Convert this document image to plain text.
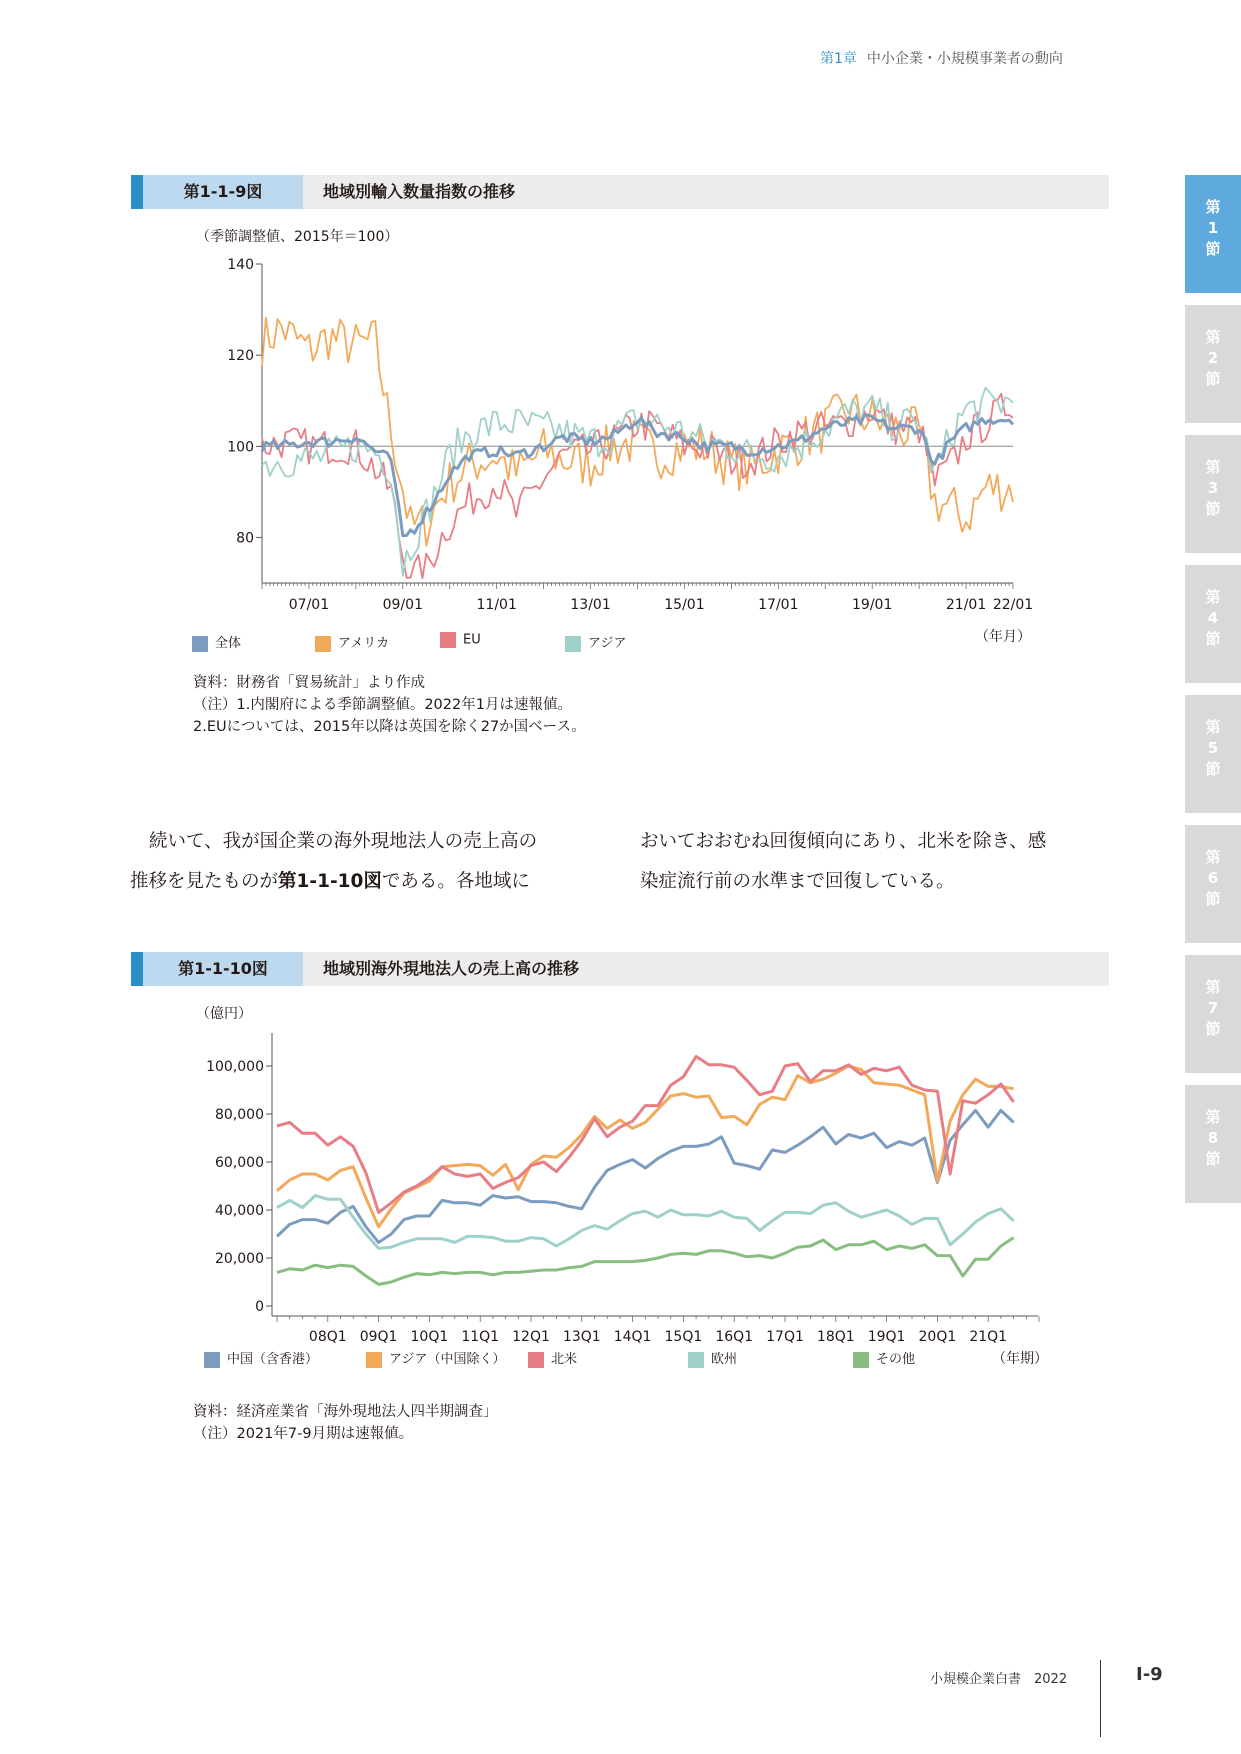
第1章 中小企業・小規模事業者の動向
第
1
節
第
2
節
第
3
節
第
4
節
第
5
節
第
6
節
第
7
節
第
8
節
第1-1-9図	地域別輸入数量指数の推移
（季節調整値、2015年＝100）
80
100
120
140
07/01	09/01	11/01	13/01	15/01	17/01	19/01	21/01 22/01
（年月）
全体	アメリカ	EU	アジア
資料：財務省「貿易統計」より作成
（注）1.内閣府による季節調整値。2022年1月は速報値。
2.EUについては、2015年以降は英国を除く27か国ベース。
続いて、我が国企業の海外現地法人の売上高の
推移を見たものが第1-1-10図である。各地域に
おいておおむね回復傾向にあり、北米を除き、感
染症流行前の水準まで回復している。
第1-1-10図	地域別海外現地法人の売上高の推移
（億円）
0
20,000
40,000
60,000
80,000
100,000
08Q1 09Q1 10Q1 11Q1 12Q1 13Q1 14Q1 15Q1 16Q1 17Q1 18Q1 19Q1 20Q1 21Q1
（年期）
中国（含香港）	アジア（中国除く）	北米	欧州	その他
資料：経済産業省「海外現地法人四半期調査」
（注）2021年7-9月期は速報値。
小規模企業白書　2022	Ⅰ-9
